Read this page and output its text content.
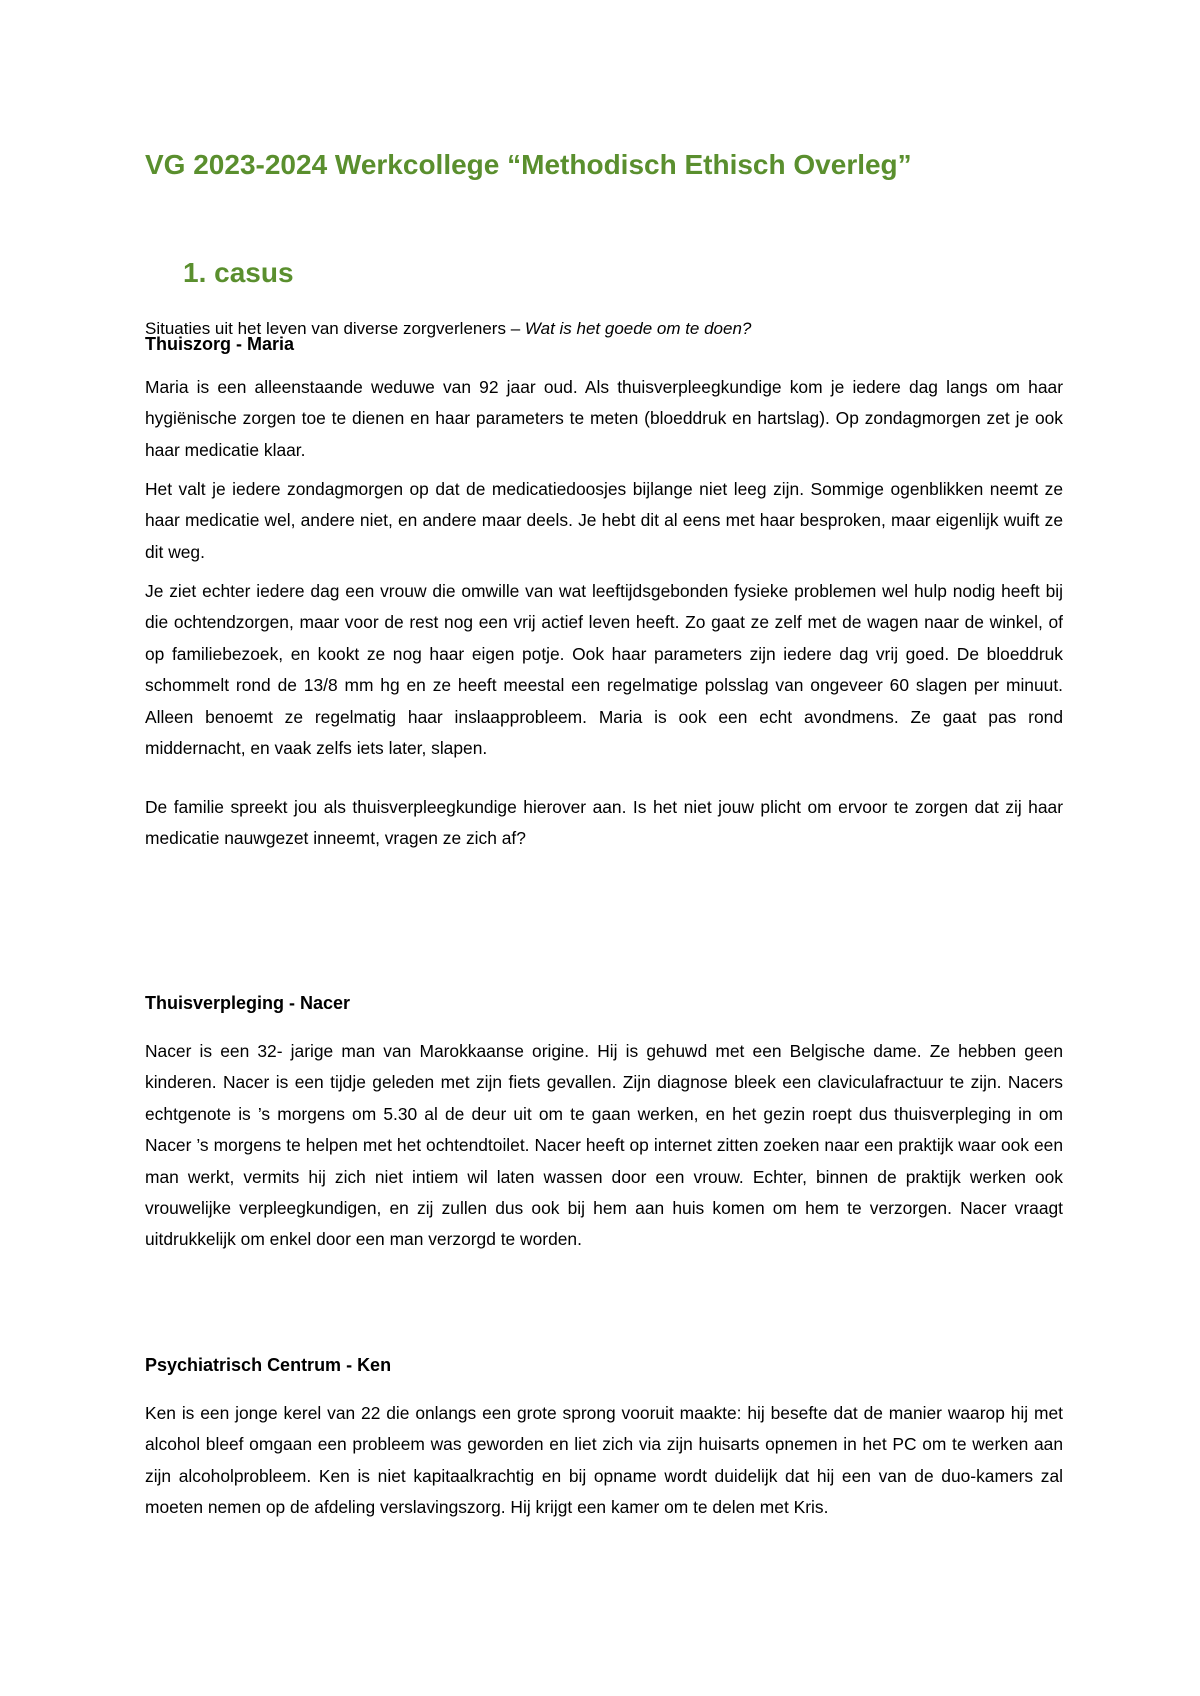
VG 2023-2024 Werkcollege “Methodisch Ethisch Overleg”
1. casus

Situaties uit het leven van diverse zorgverleners – Wat is het goede om te doen?

Thuiszorg - Maria

Maria is een alleenstaande weduwe van 92 jaar oud. Als thuisverpleegkundige kom je iedere dag langs om haar hygiënische zorgen toe te dienen en haar parameters te meten (bloeddruk en hartslag). Op zondagmorgen zet je ook haar medicatie klaar.

Het valt je iedere zondagmorgen op dat de medicatiedoosjes bijlange niet leeg zijn. Sommige ogenblikken neemt ze haar medicatie wel, andere niet, en andere maar deels. Je hebt dit al eens met haar besproken, maar eigenlijk wuift ze dit weg.

Je ziet echter iedere dag een vrouw die omwille van wat leeftijdsgebonden fysieke problemen wel hulp nodig heeft bij die ochtendzorgen, maar voor de rest nog een vrij actief leven heeft. Zo gaat ze zelf met de wagen naar de winkel, of op familiebezoek, en kookt ze nog haar eigen potje. Ook haar parameters zijn iedere dag vrij goed. De bloeddruk schommelt rond de 13/8 mm hg en ze heeft meestal een regelmatige polsslag van ongeveer 60 slagen per minuut. Alleen benoemt ze regelmatig haar inslaapprobleem. Maria is ook een echt avondmens. Ze gaat pas rond middernacht, en vaak zelfs iets later, slapen.

De familie spreekt jou als thuisverpleegkundige hierover aan. Is het niet jouw plicht om ervoor te zorgen dat zij haar medicatie nauwgezet inneemt, vragen ze zich af?

Thuisverpleging - Nacer

Nacer is een 32- jarige man van Marokkaanse origine. Hij is gehuwd met een Belgische dame. Ze hebben geen kinderen. Nacer is een tijdje geleden met zijn fiets gevallen. Zijn diagnose bleek een claviculafractuur te zijn. Nacers echtgenote is ’s morgens om 5.30 al de deur uit om te gaan werken, en het gezin roept dus thuisverpleging in om Nacer ’s morgens te helpen met het ochtendtoilet. Nacer heeft op internet zitten zoeken naar een praktijk waar ook een man werkt, vermits hij zich niet intiem wil laten wassen door een vrouw. Echter, binnen de praktijk werken ook vrouwelijke verpleegkundigen, en zij zullen dus ook bij hem aan huis komen om hem te verzorgen. Nacer vraagt uitdrukkelijk om enkel door een man verzorgd te worden.

Psychiatrisch Centrum - Ken

Ken is een jonge kerel van 22 die onlangs een grote sprong vooruit maakte: hij besefte dat de manier waarop hij met alcohol bleef omgaan een probleem was geworden en liet zich via zijn huisarts opnemen in het PC om te werken aan zijn alcoholprobleem. Ken is niet kapitaalkrachtig en bij opname wordt duidelijk dat hij een van de duo-kamers zal moeten nemen op de afdeling verslavingszorg. Hij krijgt een kamer om te delen met Kris.
